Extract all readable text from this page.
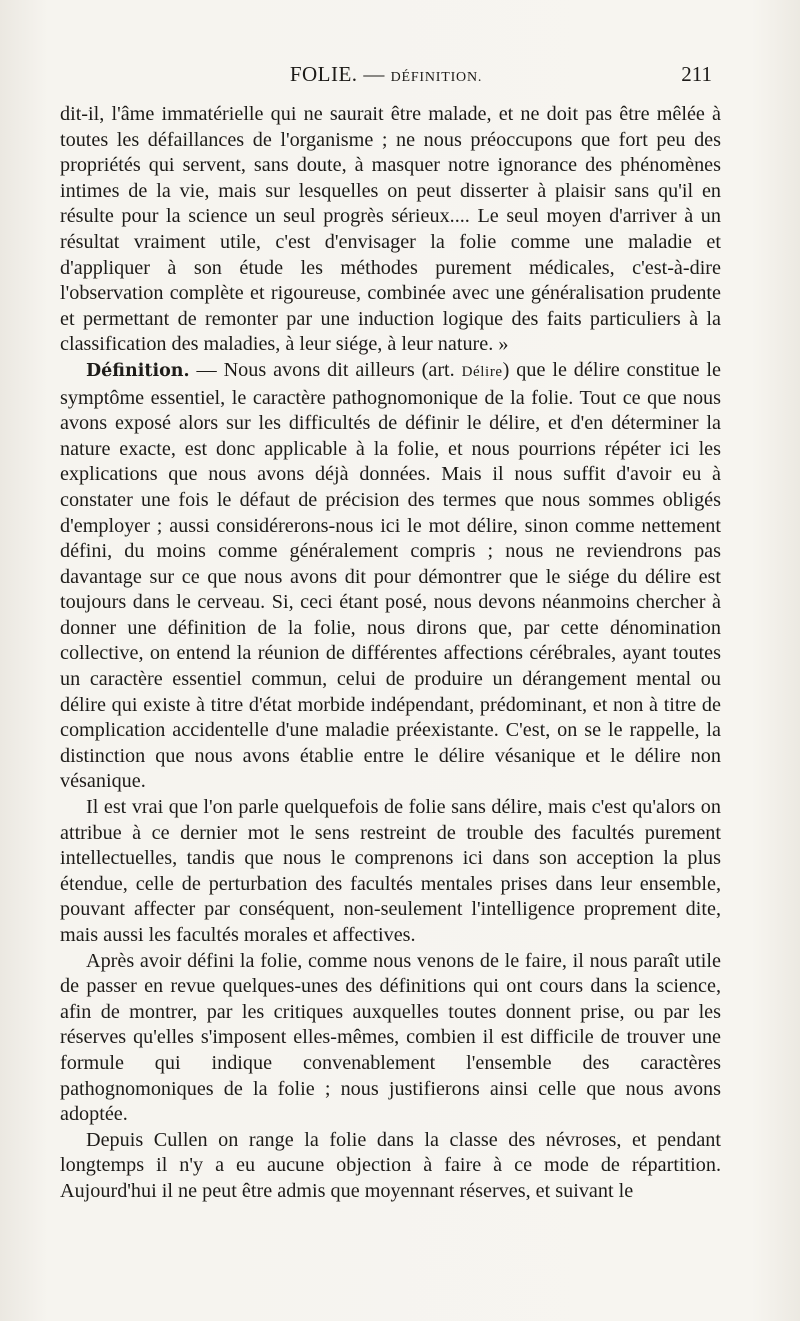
FOLIE. — DÉFINITION.	211

dit-il, l'âme immatérielle qui ne saurait être malade, et ne doit pas être mêlée à toutes les défaillances de l'organisme ; ne nous préoccupons que fort peu des propriétés qui servent, sans doute, à masquer notre ignorance des phénomènes intimes de la vie, mais sur lesquelles on peut disserter à plaisir sans qu'il en résulte pour la science un seul progrès sérieux.... Le seul moyen d'arriver à un résultat vraiment utile, c'est d'envisager la folie comme une maladie et d'appliquer à son étude les méthodes purement médicales, c'est-à-dire l'observation complète et rigoureuse, combinée avec une généralisation prudente et permettant de remonter par une induction logique des faits particuliers à la classification des maladies, à leur siége, à leur nature. »

Définition. — Nous avons dit ailleurs (art. Délire) que le délire constitue le symptôme essentiel, le caractère pathognomonique de la folie. Tout ce que nous avons exposé alors sur les difficultés de définir le délire, et d'en déterminer la nature exacte, est donc applicable à la folie, et nous pourrions répéter ici les explications que nous avons déjà données. Mais il nous suffit d'avoir eu à constater une fois le défaut de précision des termes que nous sommes obligés d'employer ; aussi considérerons-nous ici le mot délire, sinon comme nettement défini, du moins comme généralement compris ; nous ne reviendrons pas davantage sur ce que nous avons dit pour démontrer que le siége du délire est toujours dans le cerveau. Si, ceci étant posé, nous devons néanmoins chercher à donner une définition de la folie, nous dirons que, par cette dénomination collective, on entend la réunion de différentes affections cérébrales, ayant toutes un caractère essentiel commun, celui de produire un dérangement mental ou délire qui existe à titre d'état morbide indépendant, prédominant, et non à titre de complication accidentelle d'une maladie préexistante. C'est, on se le rappelle, la distinction que nous avons établie entre le délire vésanique et le délire non vésanique.

Il est vrai que l'on parle quelquefois de folie sans délire, mais c'est qu'alors on attribue à ce dernier mot le sens restreint de trouble des facultés purement intellectuelles, tandis que nous le comprenons ici dans son acception la plus étendue, celle de perturbation des facultés mentales prises dans leur ensemble, pouvant affecter par conséquent, non-seulement l'intelligence proprement dite, mais aussi les facultés morales et affectives.

Après avoir défini la folie, comme nous venons de le faire, il nous paraît utile de passer en revue quelques-unes des définitions qui ont cours dans la science, afin de montrer, par les critiques auxquelles toutes donnent prise, ou par les réserves qu'elles s'imposent elles-mêmes, combien il est difficile de trouver une formule qui indique convenablement l'ensemble des caractères pathognomoniques de la folie ; nous justifierons ainsi celle que nous avons adoptée.

Depuis Cullen on range la folie dans la classe des névroses, et pendant longtemps il n'y a eu aucune objection à faire à ce mode de répartition. Aujourd'hui il ne peut être admis que moyennant réserves, et suivant le
